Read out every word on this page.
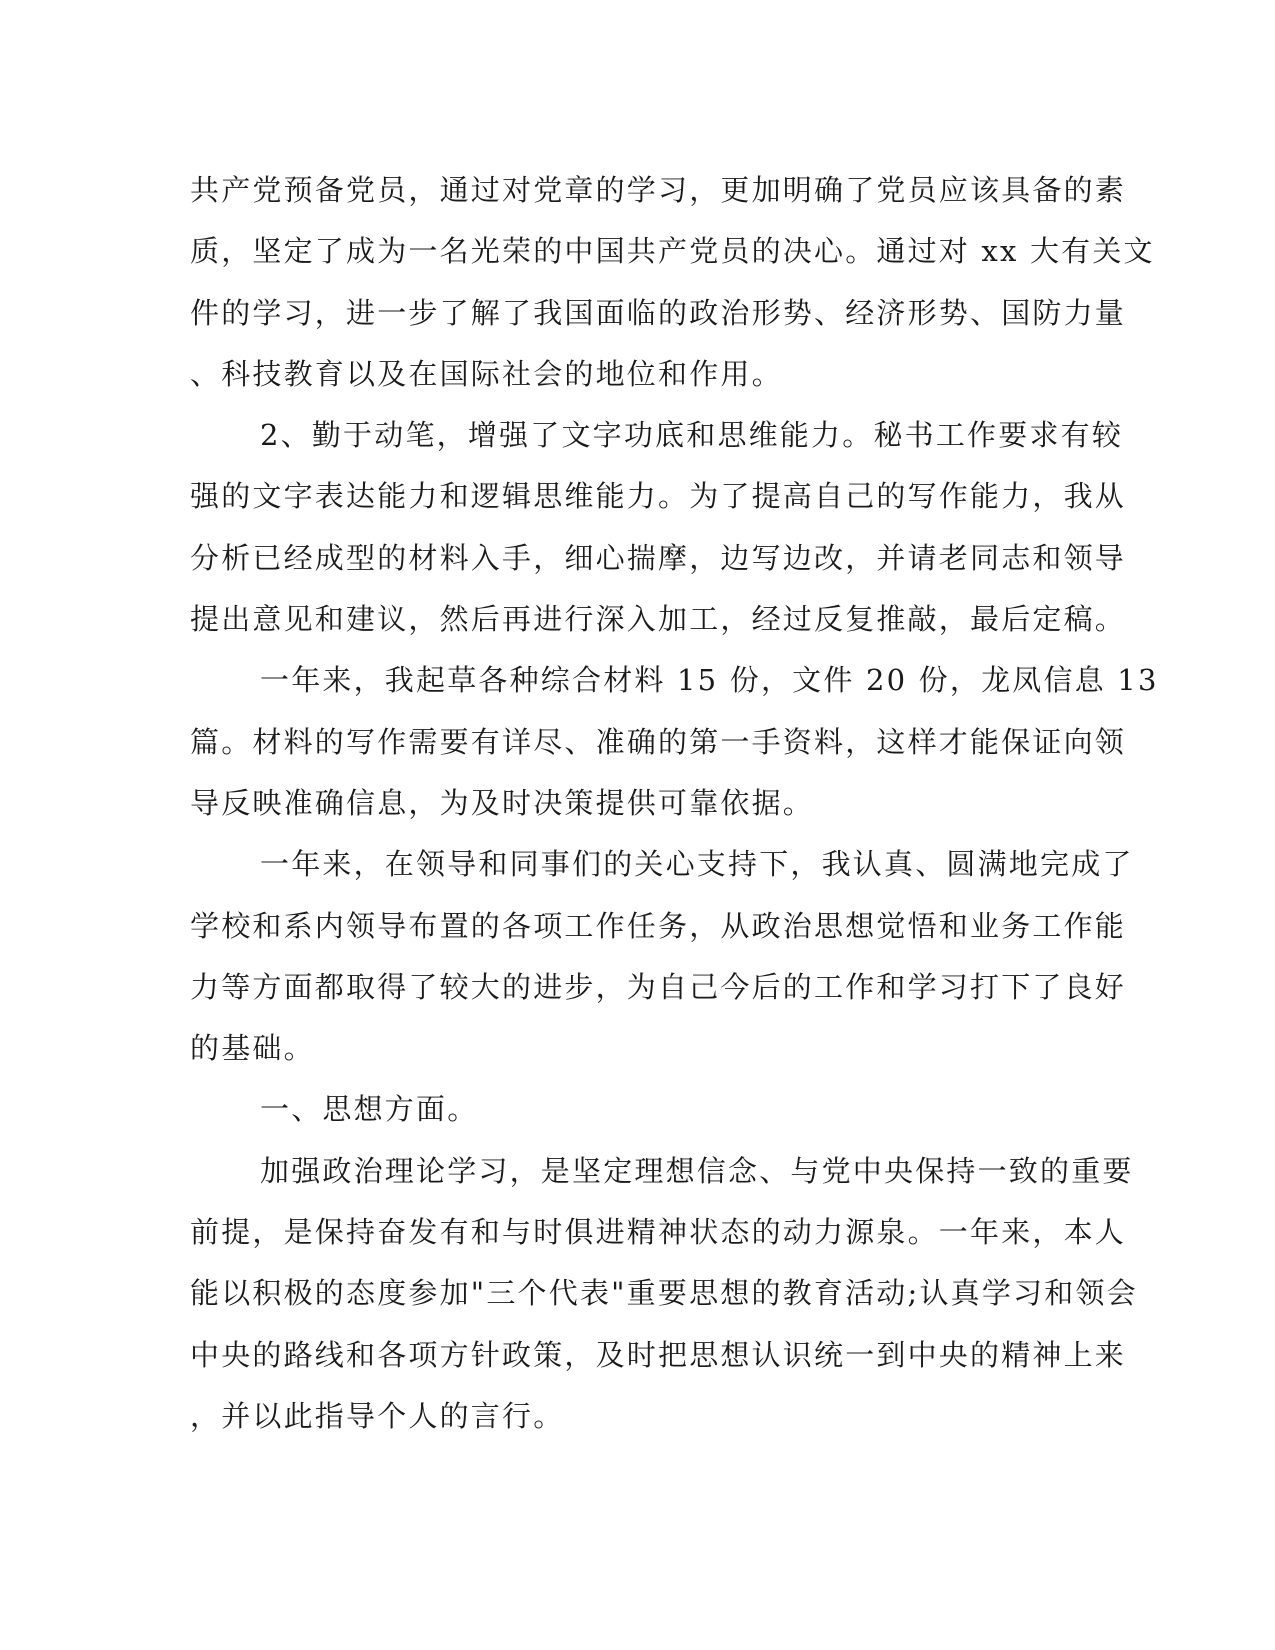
共产党预备党员，通过对党章的学习，更加明确了党员应该具备的素
质，坚定了成为一名光荣的中国共产党员的决心。通过对 xx 大有关文
件的学习，进一步了解了我国面临的政治形势、经济形势、国防力量
、科技教育以及在国际社会的地位和作用。
2、勤于动笔，增强了文字功底和思维能力。秘书工作要求有较
强的文字表达能力和逻辑思维能力。为了提高自己的写作能力，我从
分析已经成型的材料入手，细心揣摩，边写边改，并请老同志和领导
提出意见和建议，然后再进行深入加工，经过反复推敲，最后定稿。
一年来，我起草各种综合材料 15 份，文件 20 份，龙凤信息 13
篇。材料的写作需要有详尽、准确的第一手资料，这样才能保证向领
导反映准确信息，为及时决策提供可靠依据。
一年来，在领导和同事们的关心支持下，我认真、圆满地完成了
学校和系内领导布置的各项工作任务，从政治思想觉悟和业务工作能
力等方面都取得了较大的进步，为自己今后的工作和学习打下了良好
的基础。
一、思想方面。
加强政治理论学习，是坚定理想信念、与党中央保持一致的重要
前提，是保持奋发有和与时俱进精神状态的动力源泉。一年来，本人
能以积极的态度参加"三个代表"重要思想的教育活动;认真学习和领会
中央的路线和各项方针政策，及时把思想认识统一到中央的精神上来
，并以此指导个人的言行。
